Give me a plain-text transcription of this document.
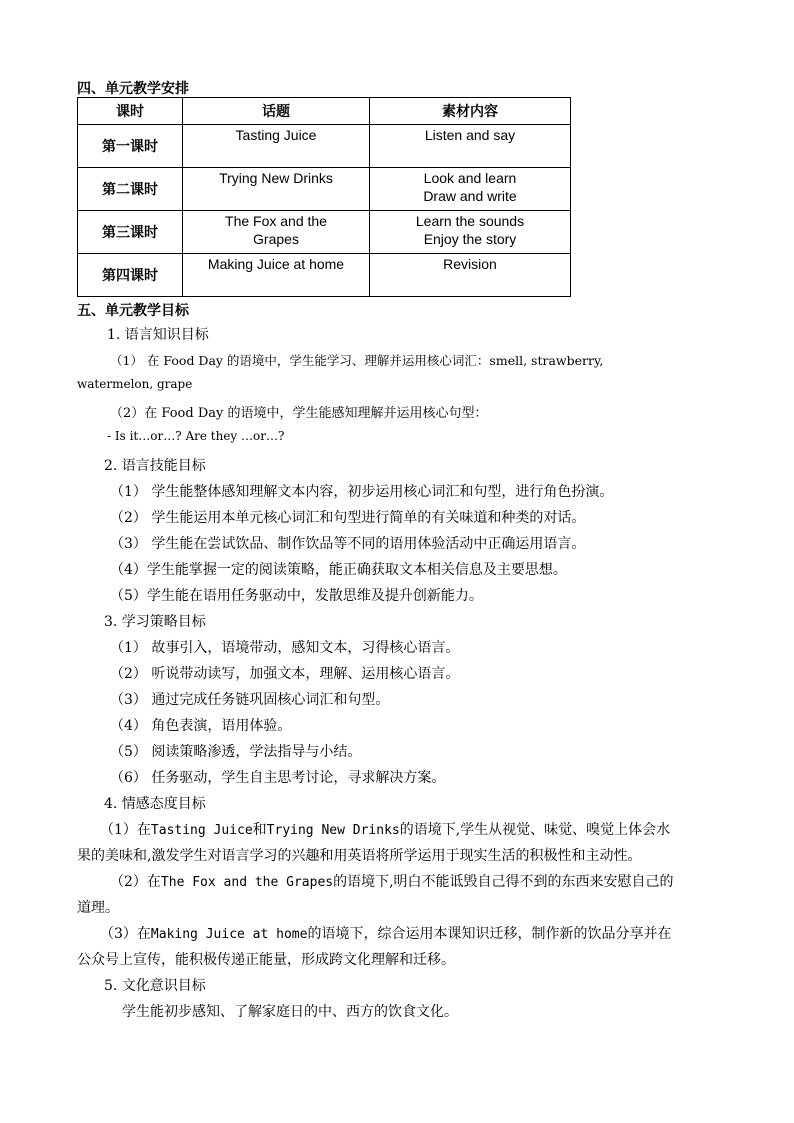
四、单元教学安排
课时	话题	素材内容
第一课时	Tasting Juice	Listen and say

第二课时	Trying New Drinks	Look and learn
Draw and write

第三课时	The Fox and the
Grapes	Learn the sounds
Enjoy the story

第四课时	Making Juice at home	Revision
五、单元教学目标
1. 语言知识目标
（1） 在 Food Day 的语境中，学生能学习、理解并运用核心词汇：smell, strawberry,
watermelon, grape
（2）在 Food Day 的语境中，学生能感知理解并运用核心句型：
- Is it…or…? Are they …or…?
2. 语言技能目标
（1） 学生能整体感知理解文本内容，初步运用核心词汇和句型，进行角色扮演。
（2） 学生能运用本单元核心词汇和句型进行简单的有关味道和种类的对话。
（3） 学生能在尝试饮品、制作饮品等不同的语用体验活动中正确运用语言。
（4）学生能掌握一定的阅读策略，能正确获取文本相关信息及主要思想。
（5）学生能在语用任务驱动中，发散思维及提升创新能力。
3. 学习策略目标
（1） 故事引入，语境带动，感知文本，习得核心语言。
（2） 听说带动读写，加强文本，理解、运用核心语言。
（3） 通过完成任务链巩固核心词汇和句型。
（4） 角色表演，语用体验。
（5） 阅读策略渗透，学法指导与小结。
（6） 任务驱动，学生自主思考讨论，寻求解决方案。
4. 情感态度目标
（1）在Tasting Juice和Trying New Drinks的语境下,学生从视觉、味觉、嗅觉上体会水
果的美味和,激发学生对语言学习的兴趣和用英语将所学运用于现实生活的积极性和主动性。
（2）在The Fox and the Grapes的语境下,明白不能诋毁自己得不到的东西来安慰自己的
道理。
（3）在Making Juice at home的语境下，综合运用本课知识迁移，制作新的饮品分享并在
公众号上宣传，能积极传递正能量，形成跨文化理解和迁移。
5. 文化意识目标
学生能初步感知、了解家庭日的中、西方的饮食文化。
